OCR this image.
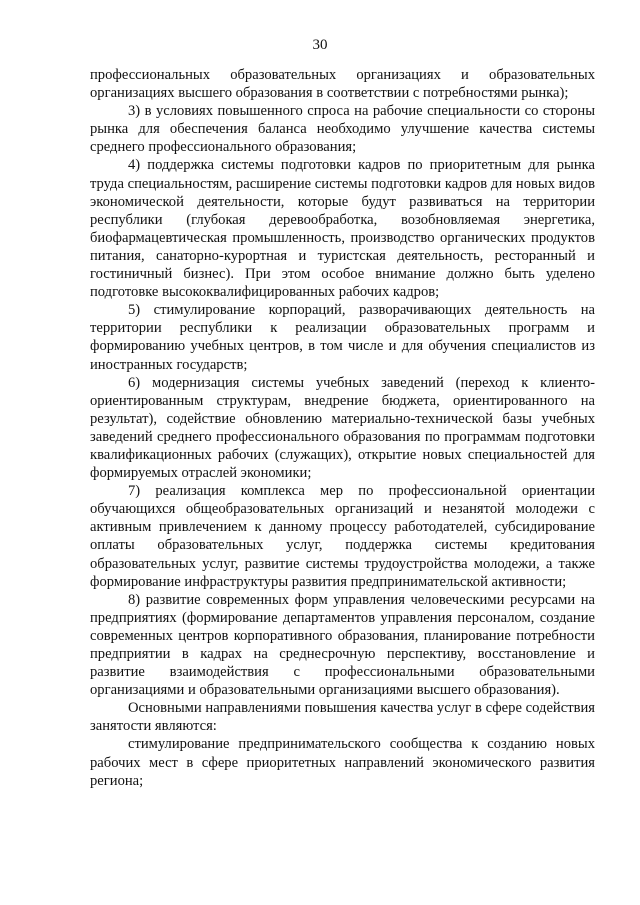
30

профессиональных образовательных организациях и образовательных организациях высшего образования в соответствии с потребностями рынка);

3) в условиях повышенного спроса на рабочие специальности со стороны рынка для обеспечения баланса необходимо улучшение качества системы среднего профессионального образования;

4) поддержка системы подготовки кадров по приоритетным для рынка труда специальностям, расширение системы подготовки кадров для новых видов экономической деятельности, которые будут развиваться на территории республики (глубокая деревообработка, возобновляемая энергетика, биофармацевтическая промышленность, производство органических продуктов питания, санаторно-курортная и туристская деятельность, ресторанный и гостиничный бизнес). При этом особое внимание должно быть уделено подготовке высококвалифицированных рабочих кадров;

5) стимулирование корпораций, разворачивающих деятельность на территории республики к реализации образовательных программ и формированию учебных центров, в том числе и для обучения специалистов из иностранных государств;

6) модернизация системы учебных заведений (переход к клиенто-ориентированным структурам, внедрение бюджета, ориентированного на результат), содействие обновлению материально-технической базы учебных заведений среднего профессионального образования по программам подготовки квалификационных рабочих (служащих), открытие новых специальностей для формируемых отраслей экономики;

7) реализация комплекса мер по профессиональной ориентации обучающихся общеобразовательных организаций и незанятой молодежи с активным привлечением к данному процессу работодателей, субсидирование оплаты образовательных услуг, поддержка системы кредитования образовательных услуг, развитие системы трудоустройства молодежи, а также формирование инфраструктуры развития предпринимательской активности;

8) развитие современных форм управления человеческими ресурсами на предприятиях (формирование департаментов управления персоналом, создание современных центров корпоративного образования, планирование потребности предприятии в кадрах на среднесрочную перспективу, восстановление и развитие взаимодействия с профессиональными образовательными организациями и образовательными организациями высшего образования).

Основными направлениями повышения качества услуг в сфере содействия занятости являются:

стимулирование предпринимательского сообщества к созданию новых рабочих мест в сфере приоритетных направлений экономического развития региона;
